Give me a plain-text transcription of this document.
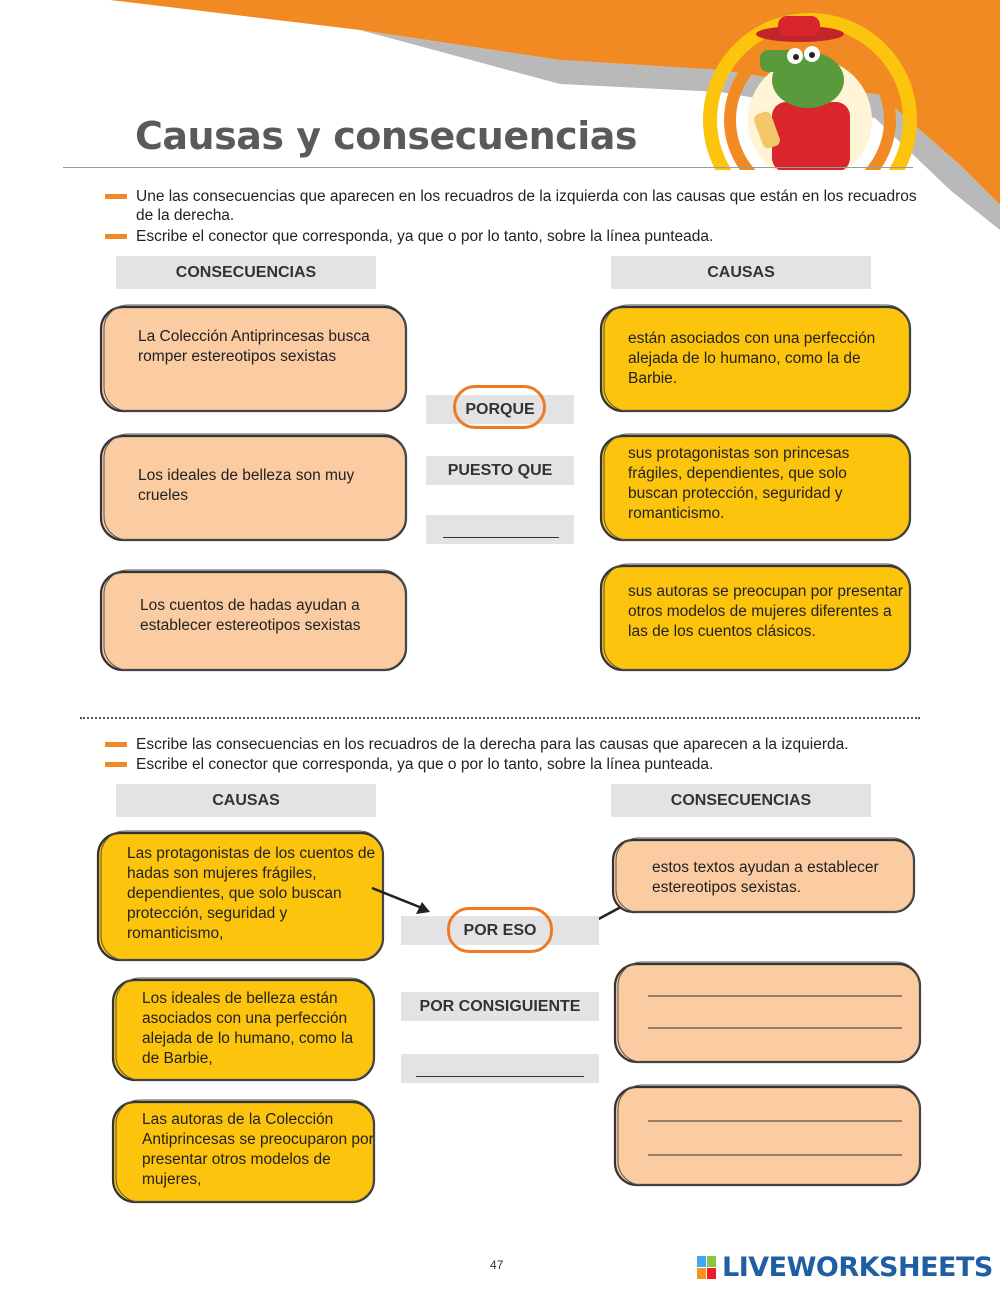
Causas y consecuencias
Une las consecuencias que aparecen en los recuadros de la izquierda con las causas que están en los recuadros de la derecha.
Escribe el conector que corresponda, ya que o por lo tanto, sobre la línea punteada.
CONSECUENCIAS	CAUSAS
La Colección Antiprincesas busca romper estereotipos sexistas
Los ideales de belleza son muy crueles
Los cuentos de hadas ayudan a establecer estereotipos sexistas
PORQUE
PUESTO QUE
están asociados con una perfección alejada de lo humano, como la de Barbie.
sus protagonistas son princesas frágiles, dependientes, que solo buscan protección, seguridad y romanticismo.
sus autoras se preocupan por presentar otros modelos de mujeres diferentes a las de los cuentos clásicos.
Escribe las consecuencias en los recuadros de la derecha para las causas que aparecen a la izquierda.
Escribe el conector que corresponda, ya que o por lo tanto, sobre la línea punteada.
CAUSAS	CONSECUENCIAS
Las protagonistas de los cuentos de hadas son mujeres frágiles, dependientes, que solo buscan protección, seguridad y romanticismo,
Los ideales de belleza están asociados con una perfección alejada de lo humano, como la de Barbie,
Las autoras de la Colección Antiprincesas se preocuparon por presentar otros modelos de mujeres,
POR ESO
POR CONSIGUIENTE
estos textos ayudan a establecer estereotipos sexistas.
47	LIVEWORKSHEETS
